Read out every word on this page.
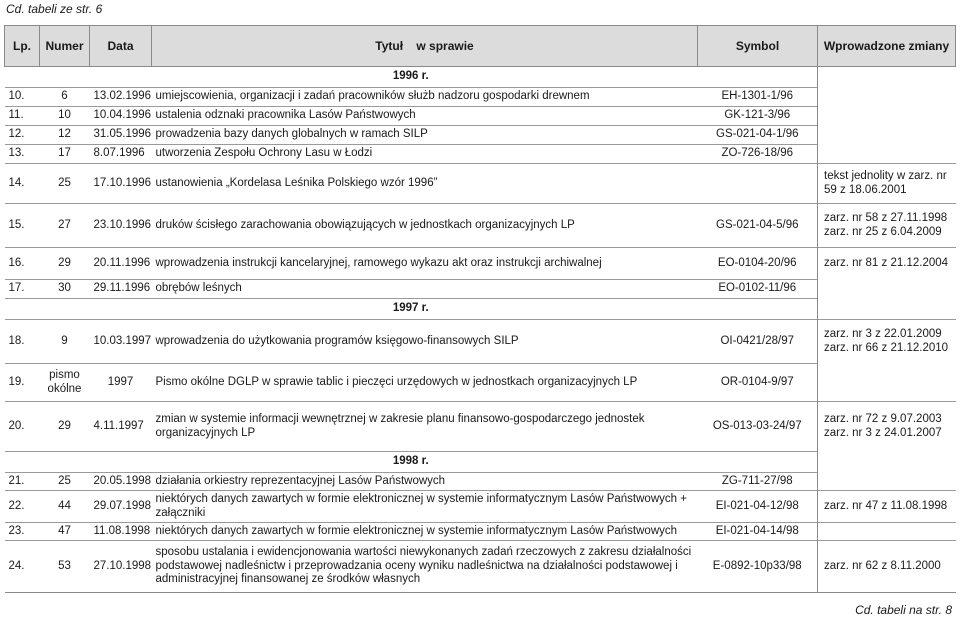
Cd. tabeli ze str. 6
Lp.	Numer	Data	Tytuł    w sprawie	Symbol	Wprowadzone zmiany
1996 r.					
10.	6	13.02.1996	umiejscowienia, organizacji i zadań pracowników służb nadzoru gospodarki drewnem	EH-1301-1/96	
11.	10	10.04.1996	ustalenia odznaki pracownika Lasów Państwowych	GK-121-3/96	
12.	12	31.05.1996	prowadzenia bazy danych globalnych w ramach SILP	GS-021-04-1/96	
13.	17	8.07.1996	utworzenia Zespołu Ochrony Lasu w Łodzi	ZO-726-18/96	
14.	25	17.10.1996	ustanowienia „Kordelasa Leśnika Polskiego wzór 1996”		tekst jednolity w zarz. nr 59 z 18.06.2001
15.	27	23.10.1996	druków ścisłego zarachowania obowiązujących w jednostkach organizacyjnych LP	GS-021-04-5/96	zarz. nr 58 z 27.11.1998 zarz. nr 25 z 6.04.2009
16.	29	20.11.1996	wprowadzenia instrukcji kancelaryjnej, ramowego wykazu akt oraz instrukcji archiwalnej	EO-0104-20/96	zarz. nr 81 z 21.12.2004
17.	30	29.11.1996	obrębów leśnych	EO-0102-11/96	
1997 r.					
18.	9	10.03.1997	wprowadzenia do użytkowania programów księgowo-finansowych SILP	OI-0421/28/97	zarz. nr 3 z 22.01.2009 zarz. nr 66 z 21.12.2010
19.	pismo okólne	1997	Pismo okólne DGLP w sprawie tablic i pieczęci urzędowych w jednostkach organizacyjnych LP	OR-0104-9/97	
20.	29	4.11.1997	zmian w systemie informacji wewnętrznej w zakresie planu finansowo-gospodarczego jednostek organizacyjnych LP	OS-013-03-24/97	zarz. nr 72 z 9.07.2003 zarz. nr 3 z 24.01.2007
1998 r.					
21.	25	20.05.1998	działania orkiestry reprezentacyjnej Lasów Państwowych	ZG-711-27/98	
22.	44	29.07.1998	niektórych danych zawartych w formie elektronicznej w systemie informatycznym Lasów Państwowych + załączniki	EI-021-04-12/98	zarz. nr 47 z 11.08.1998
23.	47	11.08.1998	niektórych danych zawartych w formie elektronicznej w systemie informatycznym Lasów Państwowych	EI-021-04-14/98	
24.	53	27.10.1998	sposobu ustalania i ewidencjonowania wartości niewykonanych zadań rzeczowych z zakresu działalności podstawowej nadleśnictw i przeprowadzania oceny wyniku nadleśnictwa na działalności podstawowej i administracyjnej finansowanej ze środków własnych	E-0892-10p33/98	zarz. nr 62 z 8.11.2000
Cd. tabeli na str. 8
